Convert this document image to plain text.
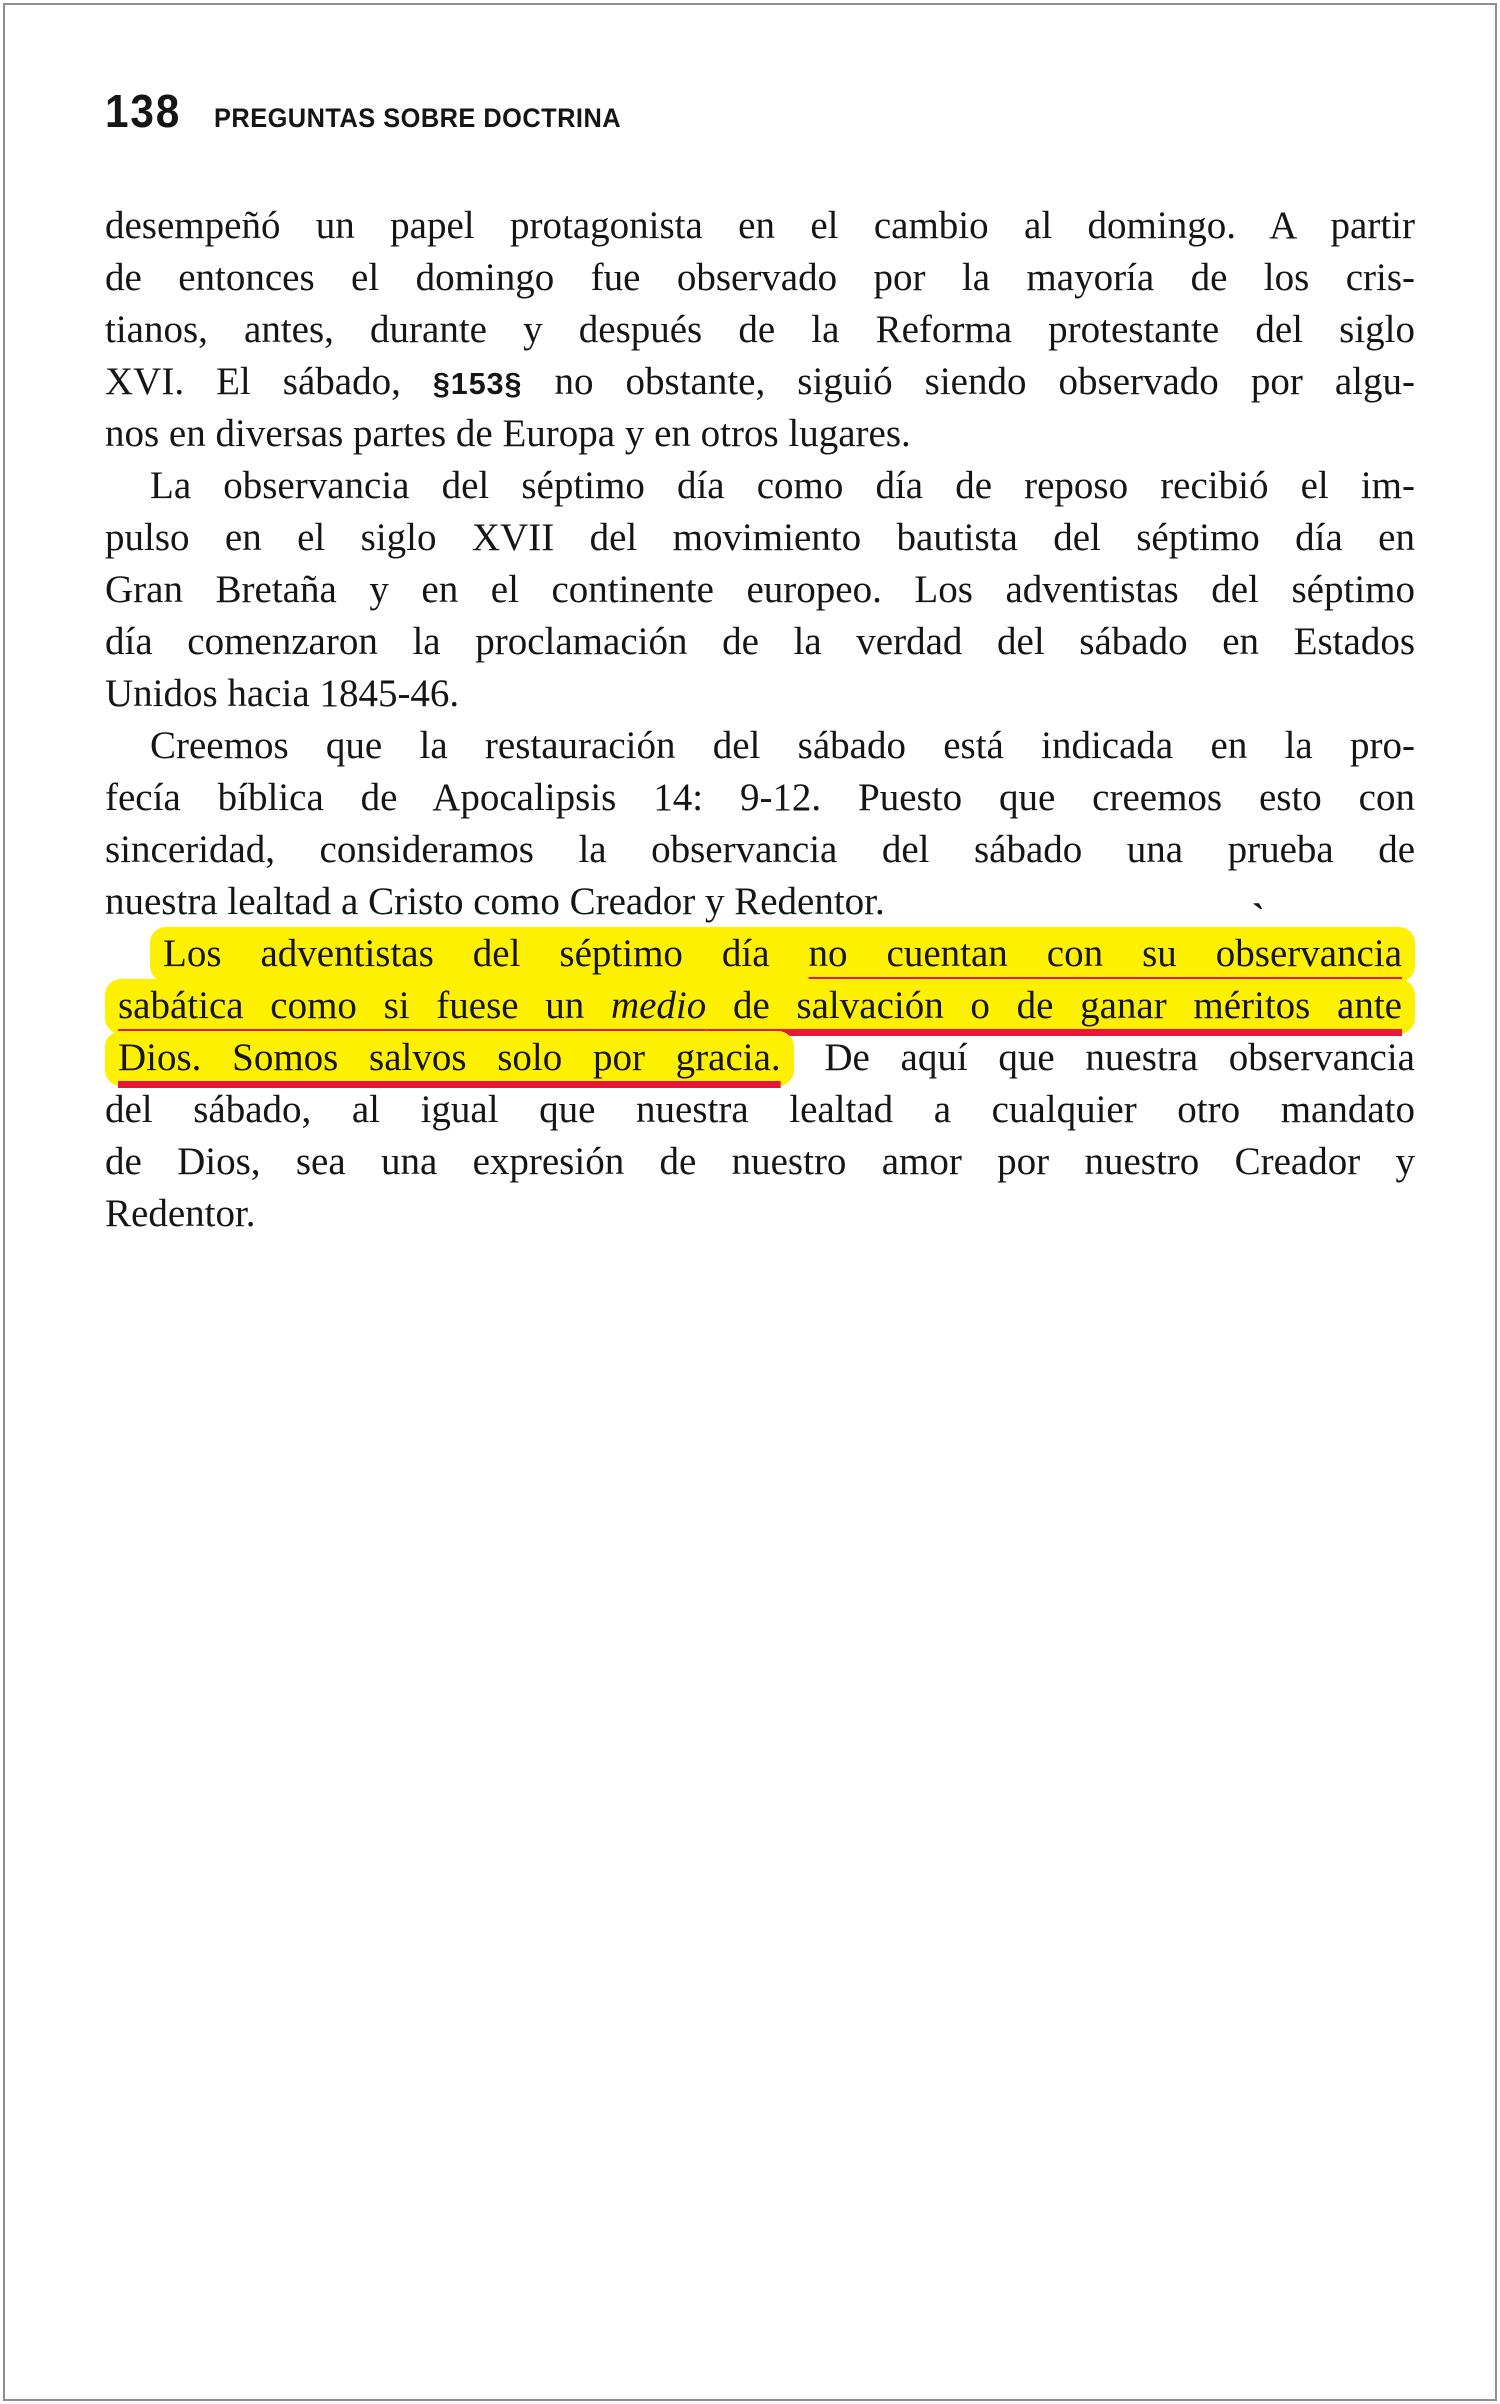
138 PREGUNTAS SOBRE DOCTRINA
desempeñó un papel protagonista en el cambio al domingo. A partir
de entonces el domingo fue observado por la mayoría de los cris-
tianos, antes, durante y después de la Reforma protestante del siglo
XVI. El sábado, §153§ no obstante, siguió siendo observado por algu-
nos en diversas partes de Europa y en otros lugares.
La observancia del séptimo día como día de reposo recibió el im-
pulso en el siglo XVII del movimiento bautista del séptimo día en
Gran Bretaña y en el continente europeo. Los adventistas del séptimo
día comenzaron la proclamación de la verdad del sábado en Estados
Unidos hacia 1845-46.
Creemos que la restauración del sábado está indicada en la pro-
fecía bíblica de Apocalipsis 14: 9-12. Puesto que creemos esto con
sinceridad, consideramos la observancia del sábado una prueba de
nuestra lealtad a Cristo como Creador y Redentor.
Los adventistas del séptimo día no cuentan con su observancia
sabática como si fuese un medio de salvación o de ganar méritos ante
Dios. Somos salvos solo por gracia. De aquí que nuestra observancia
del sábado, al igual que nuestra lealtad a cualquier otro mandato
de Dios, sea una expresión de nuestro amor por nuestro Creador y
Redentor.
`
